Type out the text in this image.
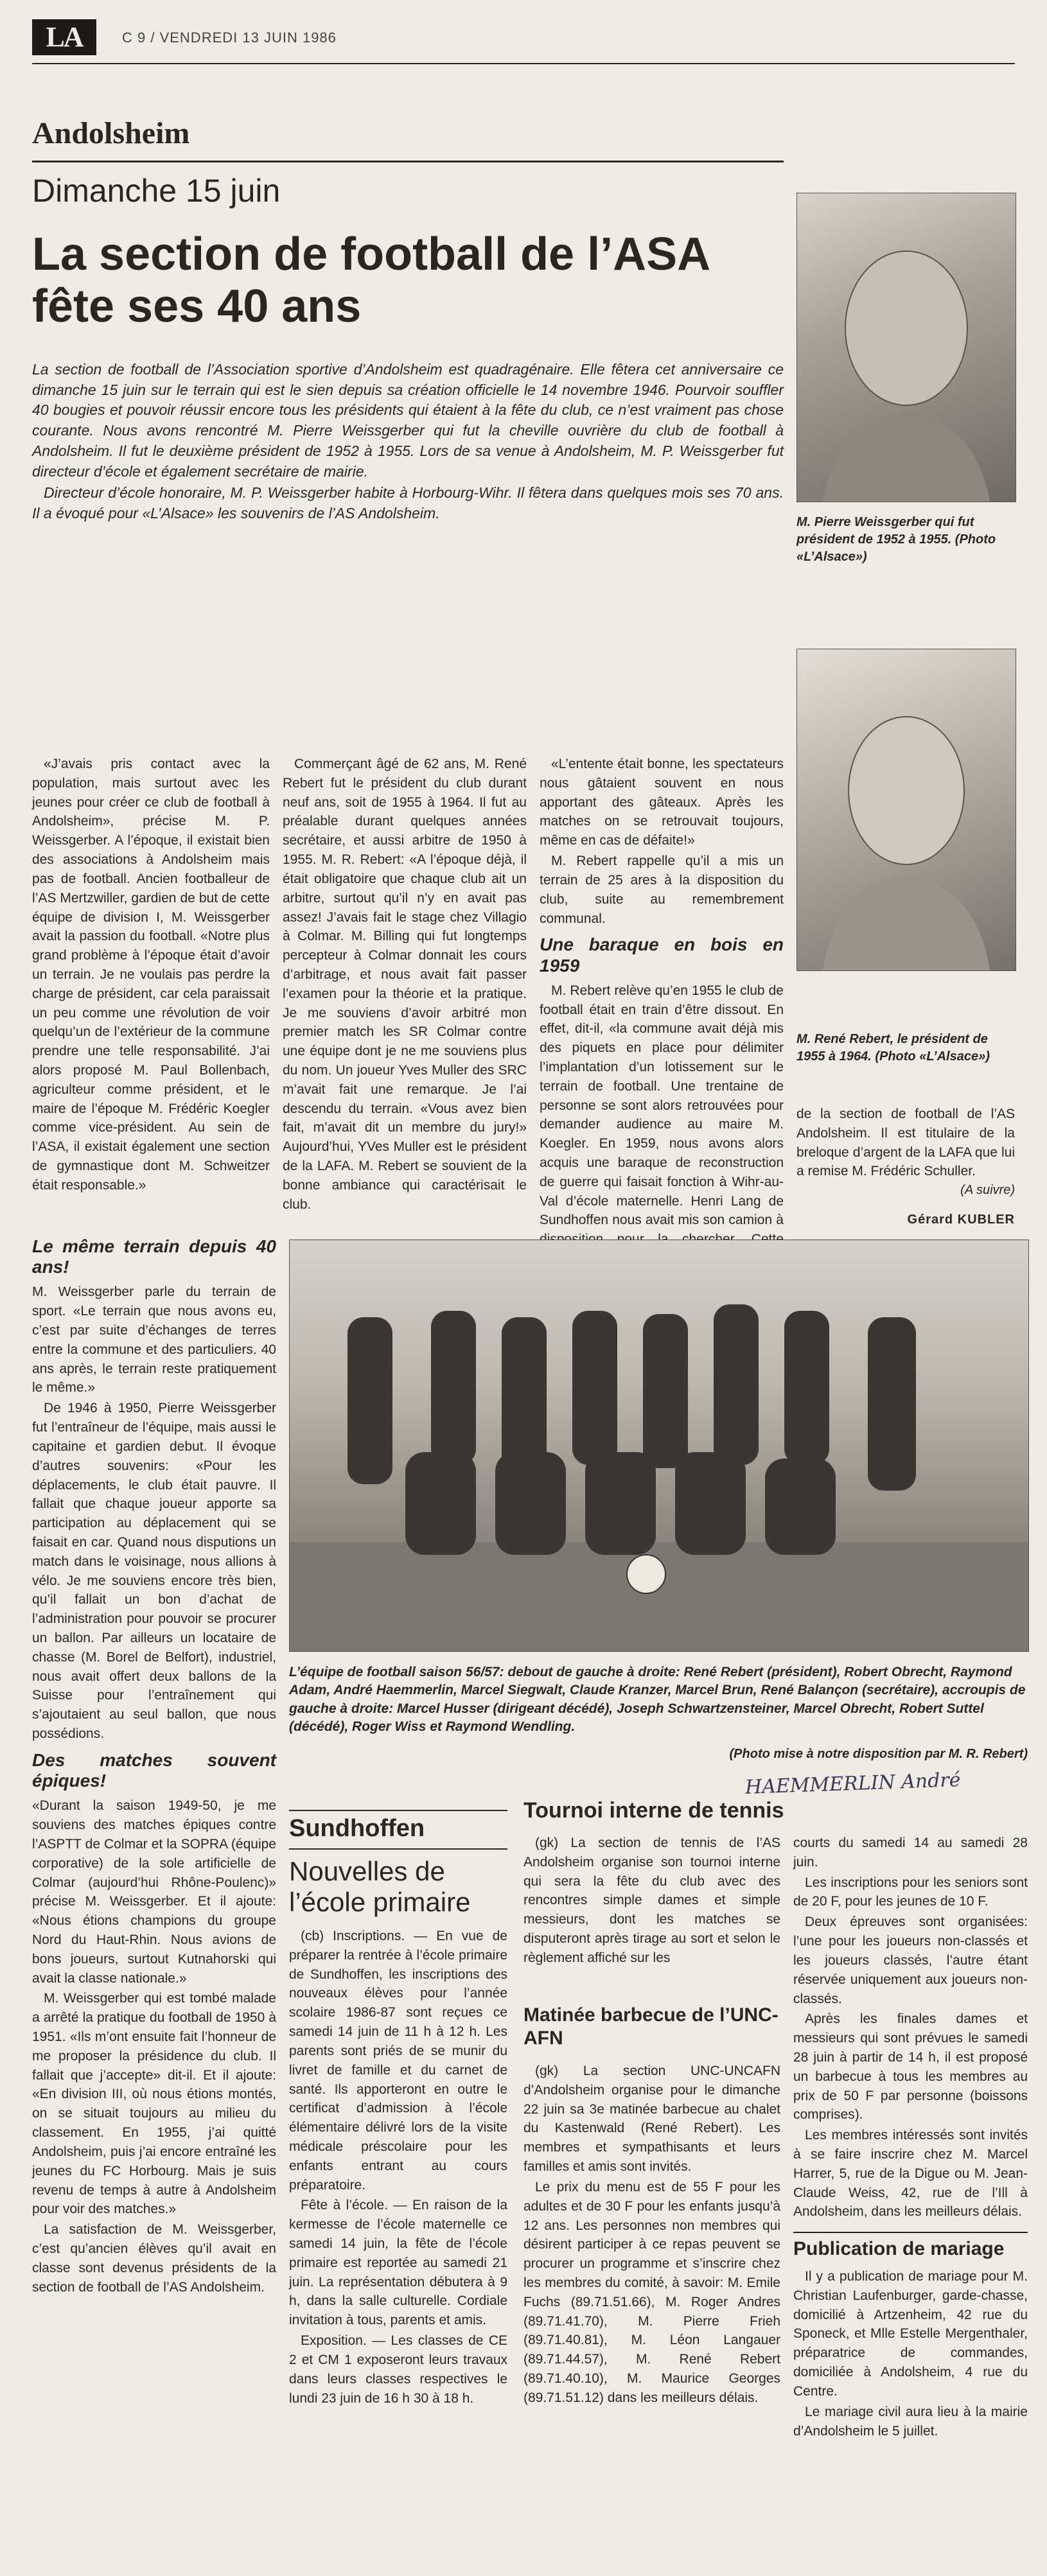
LA	C 9 / VENDREDI 13 JUIN 1986
Andolsheim
Dimanche 15 juin
La section de football de l’ASA fête ses 40 ans

La section de football de l’Association sportive d’Andolsheim est quadragénaire. Elle fêtera cet anniversaire ce dimanche 15 juin sur le terrain qui est le sien depuis sa création officielle le 14 novembre 1946. Pourvoir souffler 40 bougies et pouvoir réussir encore tous les présidents qui étaient à la fête du club, ce n’est vraiment pas chose courante. Nous avons rencontré M. Pierre Weissgerber qui fut la cheville ouvrière du club de football à Andolsheim. Il fut le deuxième président de 1952 à 1955. Lors de sa venue à Andolsheim, M. P. Weissgerber fut directeur d’école et également secrétaire de mairie.

Directeur d’école honoraire, M. P. Weissgerber habite à Horbourg-Wihr. Il fêtera dans quelques mois ses 70 ans. Il a évoqué pour «L’Alsace» les souvenirs de l’AS Andolsheim.

«J’avais pris contact avec la population, mais surtout avec les jeunes pour créer ce club de football à Andolsheim», précise M. P. Weissgerber. A l’époque, il existait bien des associations à Andolsheim mais pas de football. Ancien footballeur de l’AS Mertzwiller, gardien de but de cette équipe de division I, M. Weissgerber avait la passion du football. «Notre plus grand problème à l’époque était d’avoir un terrain. Je ne voulais pas perdre la charge de président, car cela paraissait un peu comme une révolution de voir quelqu’un de l’extérieur de la commune prendre une telle responsabilité. J’ai alors proposé M. Paul Bollenbach, agriculteur comme président, et le maire de l’époque M. Frédéric Koegler comme vice-président. Au sein de l’ASA, il existait également une section de gymnastique dont M. Schweitzer était responsable.»

Commerçant âgé de 62 ans, M. René Rebert fut le président du club durant neuf ans, soit de 1955 à 1964. Il fut au préalable durant quelques années secrétaire, et aussi arbitre de 1950 à 1955. M. R. Rebert: «A l’époque déjà, il était obligatoire que chaque club ait un arbitre, surtout qu’il n’y en avait pas assez! J’avais fait le stage chez Villagio à Colmar. M. Billing qui fut longtemps percepteur à Colmar donnait les cours d’arbitrage, et nous avait fait passer l’examen pour la théorie et la pratique. Je me souviens d’avoir arbitré mon premier match les SR Colmar contre une équipe dont je ne me souviens plus du nom. Un joueur Yves Muller des SRC m’avait fait une remarque. Je l’ai descendu du terrain. «Vous avez bien fait, m’avait dit un membre du jury!» Aujourd’hui, YVes Muller est le président de la LAFA. M. Rebert se souvient de la bonne ambiance qui caractérisait le club.

«L’entente était bonne, les spectateurs nous gâtaient souvent en nous apportant des gâteaux. Après les matches on se retrouvait toujours, même en cas de défaite!»

M. Rebert rappelle qu’il a mis un terrain de 25 ares à la disposition du club, suite au remembrement communal.

Une baraque en bois en 1959

M. Rebert relève qu’en 1955 le club de football était en train d’être dissout. En effet, dit-il, «la commune avait déjà mis des piquets en place pour délimiter l’implantation d’un lotissement sur le terrain de football. Une trentaine de personne se sont alors retrouvées pour demander audience au maire M. Koegler. En 1959, nous avons alors acquis une baraque de reconstruction de guerre qui faisait fonction à Wihr-au-Val d’école maternelle. Henri Lang de Sundhoffen nous avait mis son camion à

M. Pierre Weissgerber qui fut président de 1952 à 1955. (Photo «L’Alsace»)
M. René Rebert, le président de 1955 à 1964. (Photo «L’Alsace»)

de la section de football de l’AS Andolsheim. Il est titulaire de la breloque d’argent de la LAFA que lui a remise M. Frédéric Schuller.

(A suivre)
Gérard KUBLER
Le même terrain depuis 40 ans!

M. Weissgerber parle du terrain de sport. «Le terrain que nous avons eu, c’est par suite d’échanges de terres entre la commune et des particuliers. 40 ans après, le terrain reste pratiquement le même.»

De 1946 à 1950, Pierre Weissgerber fut l’entraîneur de l’équipe, mais aussi le capitaine et gardien debut. Il évoque d’autres souvenirs: «Pour les déplacements, le club était pauvre. Il fallait que chaque joueur apporte sa participation au déplacement qui se faisait en car. Quand nous disputions un match dans le voisinage, nous allions à vélo. Je me souviens encore très bien, qu’il fallait un bon d’achat de l’administration pour pouvoir se procurer un ballon. Par ailleurs un locataire de chasse (M. Borel de Belfort), industriel, nous avait offert deux ballons de la Suisse pour l’entraînement qui s’ajoutaient au seul ballon, que nous possédions.

Des matches souvent épiques!

«Durant la saison 1949-50, je me souviens des matches épiques contre l’ASPTT de Colmar et la SOPRA (équipe corporative) de la sole artificielle de Colmar (aujourd’hui Rhône-Poulenc)» précise M. Weissgerber. Et il ajoute: «Nous étions champions du groupe Nord du Haut-Rhin. Nous avions de bons joueurs, surtout Kutnahorski qui avait la classe nationale.»

M. Weissgerber qui est tombé malade a arrêté la pratique du football de 1950 à 1951. «Ils m’ont ensuite fait l’honneur de me proposer la présidence du club. Il fallait que j’accepte» dit-il. Et il ajoute: «En division III, où nous étions montés, on se situait toujours au milieu du classement. En 1955, j’ai quitté Andolsheim, puis j’ai encore entraîné les jeunes du FC Horbourg. Mais je suis revenu de temps à autre à Andolsheim pour voir des matches.»

La satisfaction de M. Weissgerber, c’est qu’ancien élèves qu’il avait en classe sont devenus présidents de la section de football de l’AS Andolsheim.

L’équipe de football saison 56/57: debout de gauche à droite: René Rebert (président), Robert Obrecht, Raymond Adam, André Haemmerlin, Marcel Siegwalt, Claude Kranzer, Marcel Brun, René Balançon (secrétaire), accroupis de gauche à droite: Marcel Husser (dirigeant décédé), Joseph Schwartzensteiner, Marcel Obrecht, Robert Suttel (décédé), Roger Wiss et Raymond Wendling.
(Photo mise à notre disposition par M. R. Rebert)
HAEMMERLIN André
Sundhoffen
Nouvelles de l’école primaire

(cb) Inscriptions. — En vue de préparer la rentrée à l’école primaire de Sundhoffen, les inscriptions des nouveaux élèves pour l’année scolaire 1986-87 sont reçues ce samedi 14 juin de 11 h à 12 h. Les parents sont priés de se munir du livret de famille et du carnet de santé. Ils apporteront en outre le certificat d’admission à l’école élémentaire délivré lors de la visite médicale préscolaire pour les enfants entrant au cours préparatoire.

Fête à l’école. — En raison de la kermesse de l’école maternelle ce samedi 14 juin, la fête de l’école primaire est reportée au samedi 21 juin. La représentation débutera à 9 h, dans la salle culturelle. Cordiale invitation à tous, parents et amis.

Exposition. — Les classes de CE 2 et CM 1 exposeront leurs travaux dans leurs classes respectives le lundi 23 juin de 16 h 30 à 18 h.

Tournoi interne de tennis

(gk) La section de tennis de l’AS Andolsheim organise son tournoi interne qui sera la fête du club avec des rencontres simple dames et simple messieurs, dont les matches se disputeront après tirage au sort et selon le règlement affiché sur les

courts du samedi 14 au samedi 28 juin.

Les inscriptions pour les seniors sont de 20 F, pour les jeunes de 10 F.

Deux épreuves sont organisées: l’une pour les joueurs non-classés et les joueurs classés, l’autre étant réservée uniquement aux joueurs non-classés.

Après les finales dames et messieurs qui sont prévues le samedi 28 juin à partir de 14 h, il est proposé un barbecue à tous les membres au prix de 50 F par personne (boissons comprises).

Les membres intéressés sont invités à se faire inscrire chez M. Marcel Harrer, 5, rue de la Digue ou M. Jean-Claude Weiss, 42, rue de l’Ill à Andolsheim, dans les meilleurs délais.

Matinée barbecue de l’UNC-AFN

(gk) La section UNC-UNCAFN d’Andolsheim organise pour le dimanche 22 juin sa 3e matinée barbecue au chalet du Kastenwald (René Rebert). Les membres et sympathisants et leurs familles et amis sont invités.

Le prix du menu est de 55 F pour les adultes et de 30 F pour les enfants jusqu’à 12 ans. Les personnes non membres qui désirent participer à ce repas peuvent se procurer un programme et s’inscrire chez les membres du comité, à savoir: M. Emile Fuchs (89.71.51.66), M. Roger Andres (89.71.41.70), M. Pierre Frieh (89.71.40.81), M. Léon Langauer (89.71.44.57), M. René Rebert (89.71.40.10), M. Maurice Georges (89.71.51.12) dans les meilleurs délais.

Publication de mariage

Il y a publication de mariage pour M. Christian Laufenburger, garde-chasse, domicilié à Artzenheim, 42 rue du Sponeck, et Mlle Estelle Mergenthaler, préparatrice de commandes, domiciliée à Andolsheim, 4 rue du Centre.

Le mariage civil aura lieu à la mairie d’Andolsheim le 5 juillet.
